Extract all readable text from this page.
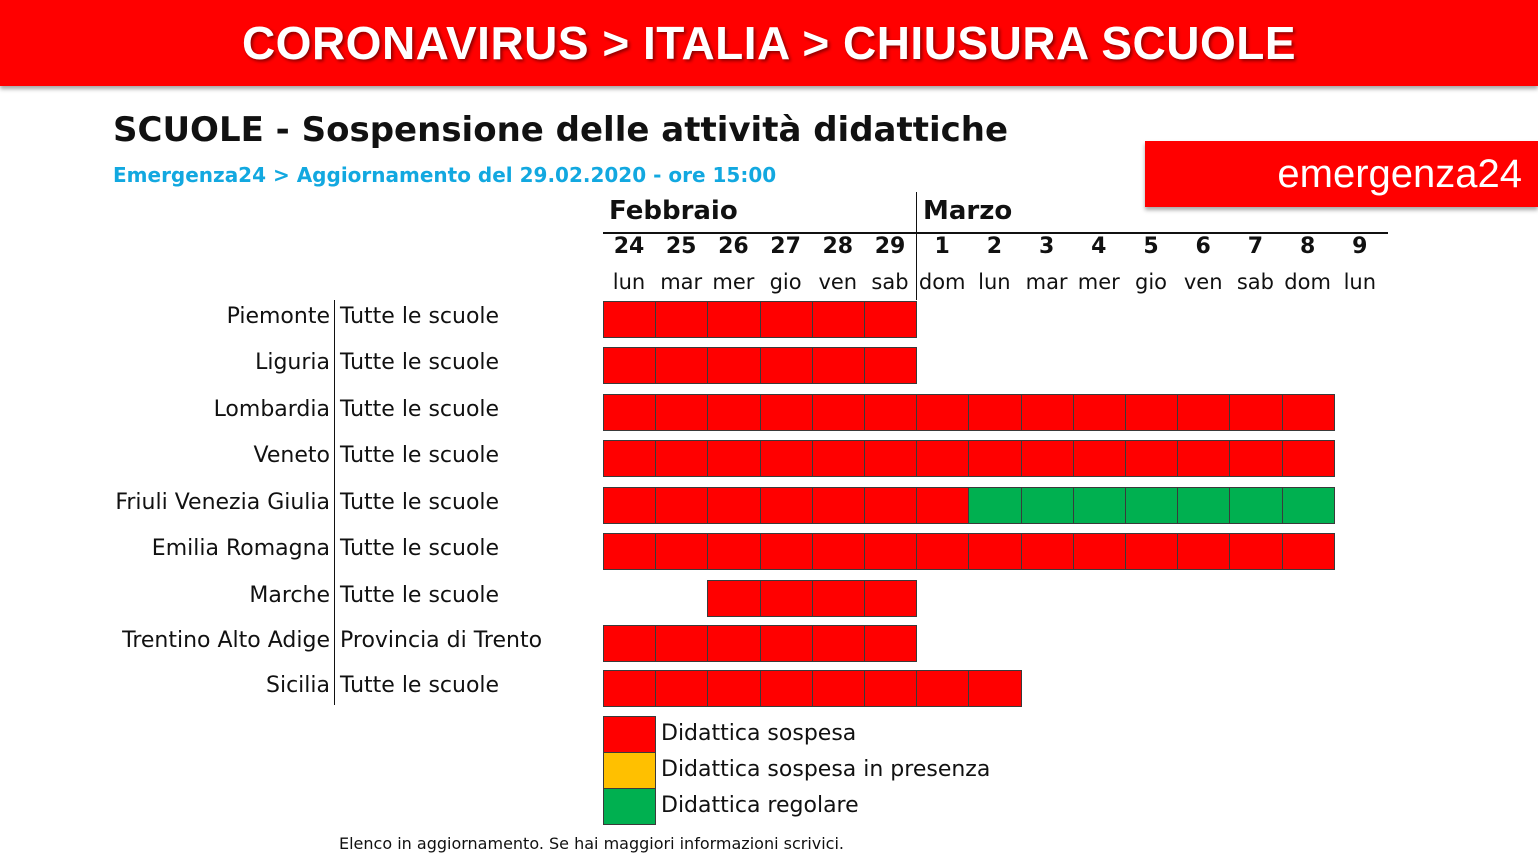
CORONAVIRUS > ITALIA > CHIUSURA SCUOLE
SCUOLE - Sospensione delle attività didattiche
Emergenza24 > Aggiornamento del 29.02.2020 - ore 15:00	emergenza24
Febbraio	Marzo
24
lun
25
mar
26
mer
27
gio
28
ven
29
sab
1
dom
2
lun
3
mar
4
mer
5
gio
6
ven
7
sab
8
dom
9
lun
Piemonte Tutte le scuole
Liguria Tutte le scuole
Lombardia Tutte le scuole
Veneto Tutte le scuole
Friuli Venezia Giulia Tutte le scuole
Emilia Romagna Tutte le scuole
Marche Tutte le scuole
Trentino Alto Adige Provincia di Trento
Sicilia Tutte le scuole
Didattica sospesa
Didattica sospesa in presenza
Didattica regolare
Elenco in aggiornamento. Se hai maggiori informazioni scrivici.
